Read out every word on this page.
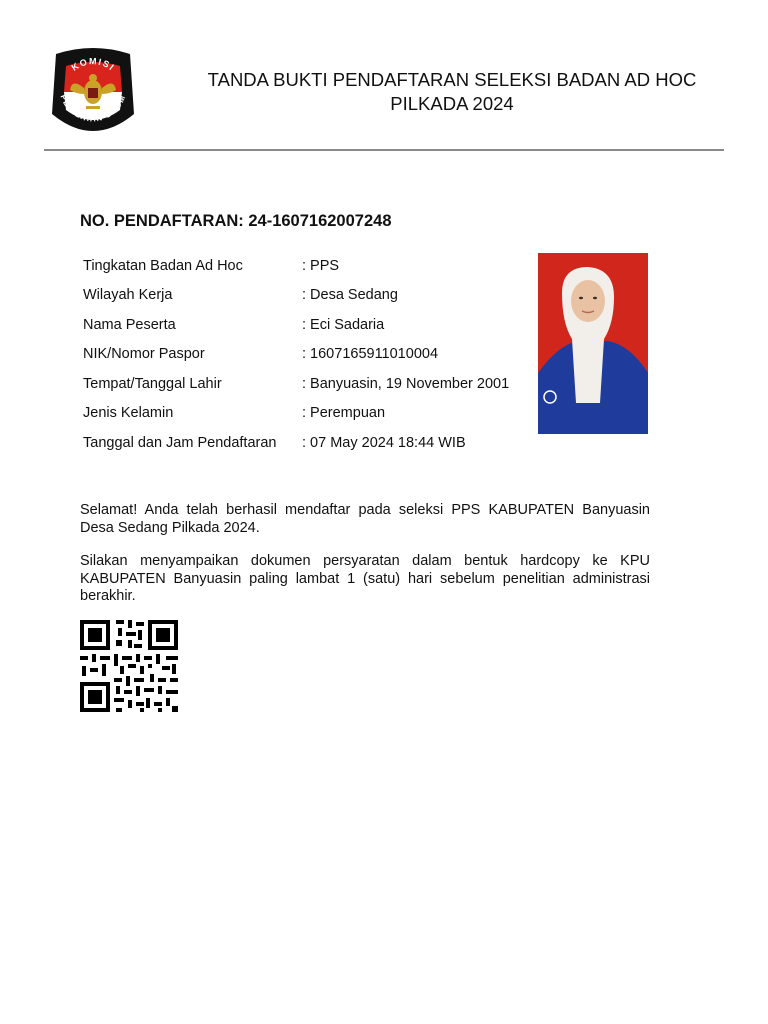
KOMISI
PEMILIHAN UMUM
TANDA BUKTI PENDAFTARAN SELEKSI BADAN AD HOC
PILKADA 2024
NO. PENDAFTARAN: 24-1607162007248
Tingkatan Badan Ad Hoc	: PPS
Wilayah Kerja	: Desa Sedang
Nama Peserta	: Eci Sadaria
NIK/Nomor Paspor	: 1607165911010004
Tempat/Tanggal Lahir	: Banyuasin, 19 November 2001
Jenis Kelamin	: Perempuan
Tanggal dan Jam Pendaftaran	: 07 May 2024 18:44 WIB
Selamat! Anda telah berhasil mendaftar pada seleksi PPS KABUPATEN Banyuasin Desa Sedang Pilkada 2024.
Silakan menyampaikan dokumen persyaratan dalam bentuk hardcopy ke KPU KABUPATEN Banyuasin paling lambat 1 (satu) hari sebelum penelitian administrasi berakhir.
